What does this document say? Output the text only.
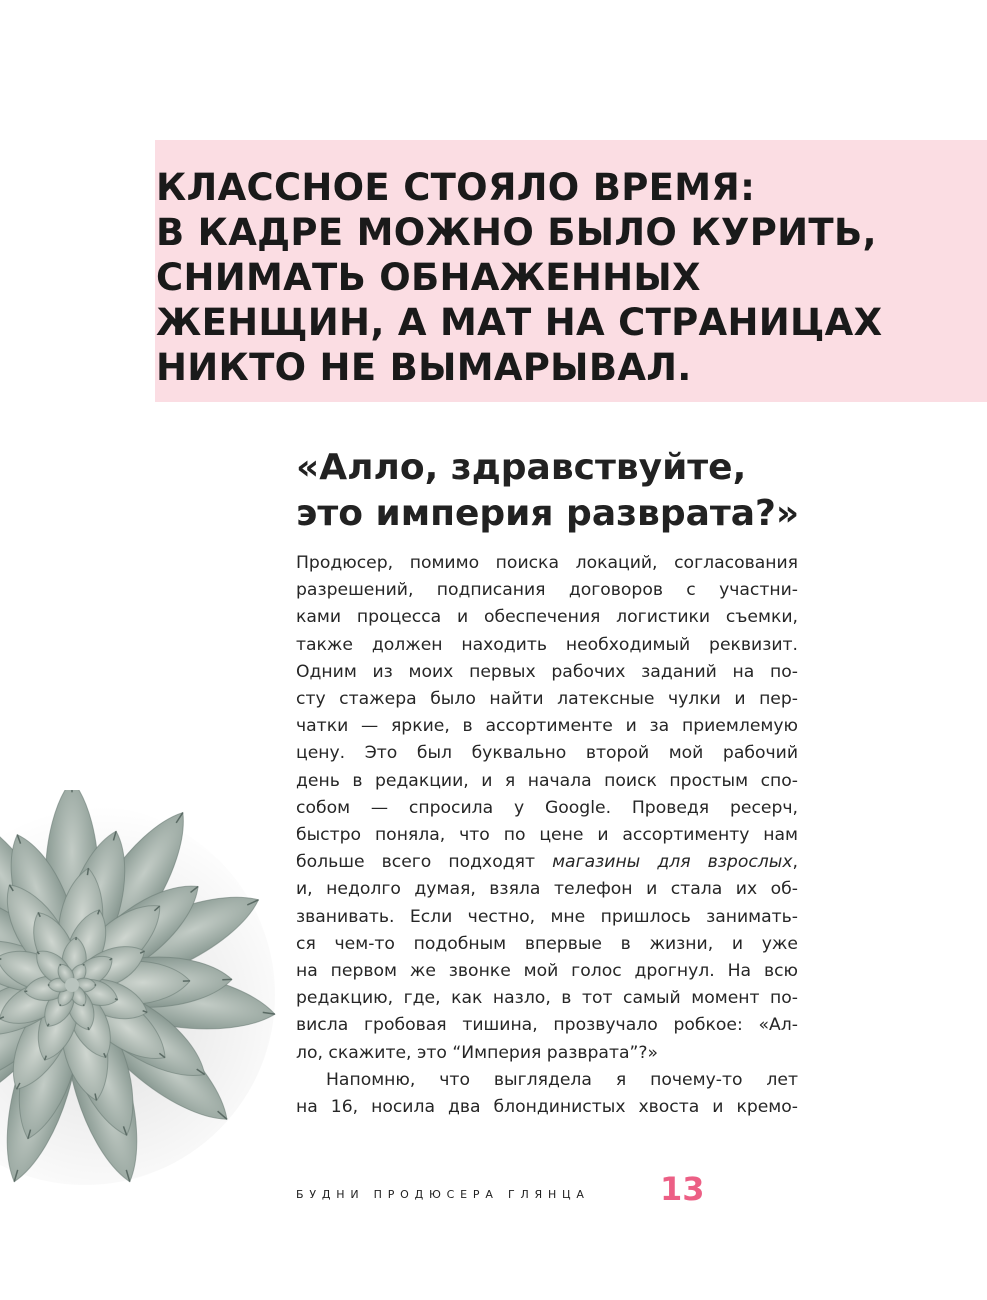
КЛАССНОЕ СТОЯЛО ВРЕМЯ:
В КАДРЕ МОЖНО БЫЛО КУРИТЬ,
СНИМАТЬ ОБНАЖЕННЫХ
ЖЕНЩИН, А МАТ НА СТРАНИЦАХ
НИКТО НЕ ВЫМАРЫВАЛ.
«Алло, здравствуйте,
это империя разврата?»

Продюсер, помимо поиска локаций, согласования

разрешений, подписания договоров с участни-

ками процесса и обеспечения логистики съемки,

также должен находить необходимый реквизит.

Одним из моих первых рабочих заданий на по-

сту стажера было найти латексные чулки и пер-

чатки — яркие, в ассортименте и за приемлемую

цену. Это был буквально второй мой рабочий

день в редакции, и я начала поиск простым спо-

собом — спросила у Google. Проведя ресерч,

быстро поняла, что по цене и ассортименту нам

больше всего подходят магазины для взрослых,

и, недолго думая, взяла телефон и стала их об-

званивать. Если честно, мне пришлось занимать-

ся чем-то подобным впервые в жизни, и уже

на первом же звонке мой голос дрогнул. На всю

редакцию, где, как назло, в тот самый момент по-

висла гробовая тишина, прозвучало робкое: «Ал-

ло, скажите, это “Империя разврата”?»

Напомню, что выглядела я почему-то лет

на 16, носила два блондинистых хвоста и кремо-

БУДНИ ПРОДЮСЕРА ГЛЯНЦА 13
